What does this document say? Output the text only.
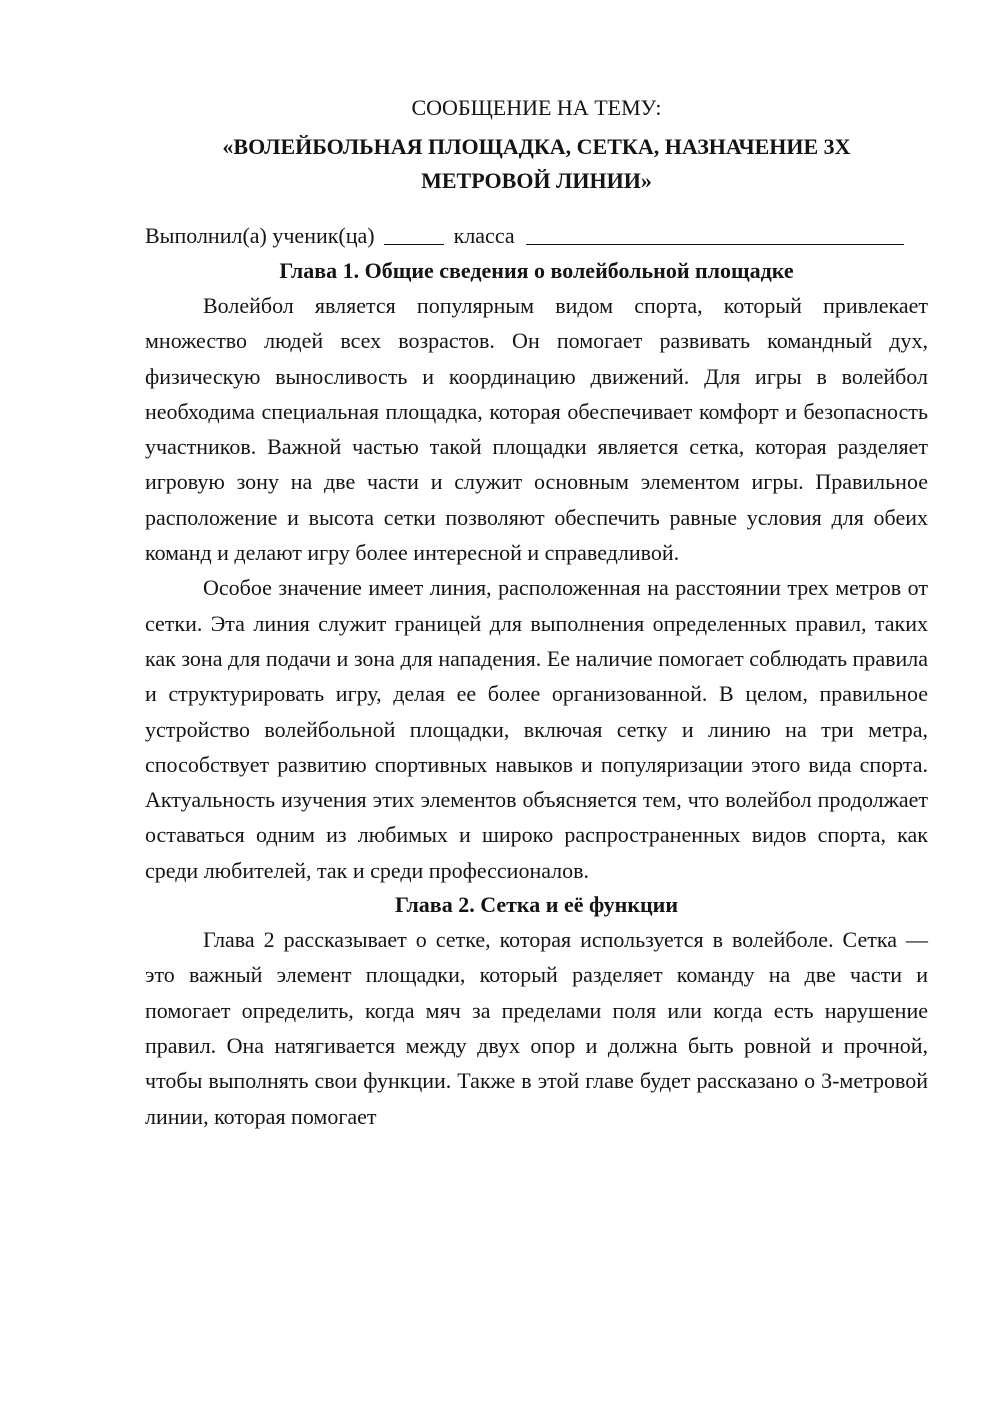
СООБЩЕНИЕ НА ТЕМУ:

«ВОЛЕЙБОЛЬНАЯ ПЛОЩАДКА, СЕТКА, НАЗНАЧЕНИЕ 3Х
МЕТРОВОЙ ЛИНИИ»
Выполнил(а) ученик(ца)	класса
Глава 1. Общие сведения о волейбольной площадке

Волейбол является популярным видом спорта, который привлекает множество людей всех возрастов. Он помогает развивать командный дух, физическую выносливость и координацию движений. Для игры в волейбол необходима специальная площадка, которая обеспечивает комфорт и безопасность участников. Важной частью такой площадки является сетка, которая разделяет игровую зону на две части и служит основным элементом игры. Правильное расположение и высота сетки позволяют обеспечить равные условия для обеих команд и делают игру более интересной и справедливой.

Особое значение имеет линия, расположенная на расстоянии трех метров от сетки. Эта линия служит границей для выполнения определенных правил, таких как зона для подачи и зона для нападения. Ее наличие помогает соблюдать правила и структурировать игру, делая ее более организованной. В целом, правильное устройство волейбольной площадки, включая сетку и линию на три метра, способствует развитию спортивных навыков и популяризации этого вида спорта. Актуальность изучения этих элементов объясняется тем, что волейбол продолжает оставаться одним из любимых и широко распространенных видов спорта, как среди любителей, так и среди профессионалов.

Глава 2. Сетка и её функции

Глава 2 рассказывает о сетке, которая используется в волейболе. Сетка — это важный элемент площадки, который разделяет команду на две части и помогает определить, когда мяч за пределами поля или когда есть нарушение правил. Она натягивается между двух опор и должна быть ровной и прочной, чтобы выполнять свои функции. Также в этой главе будет рассказано о 3-метровой линии, которая помогает
